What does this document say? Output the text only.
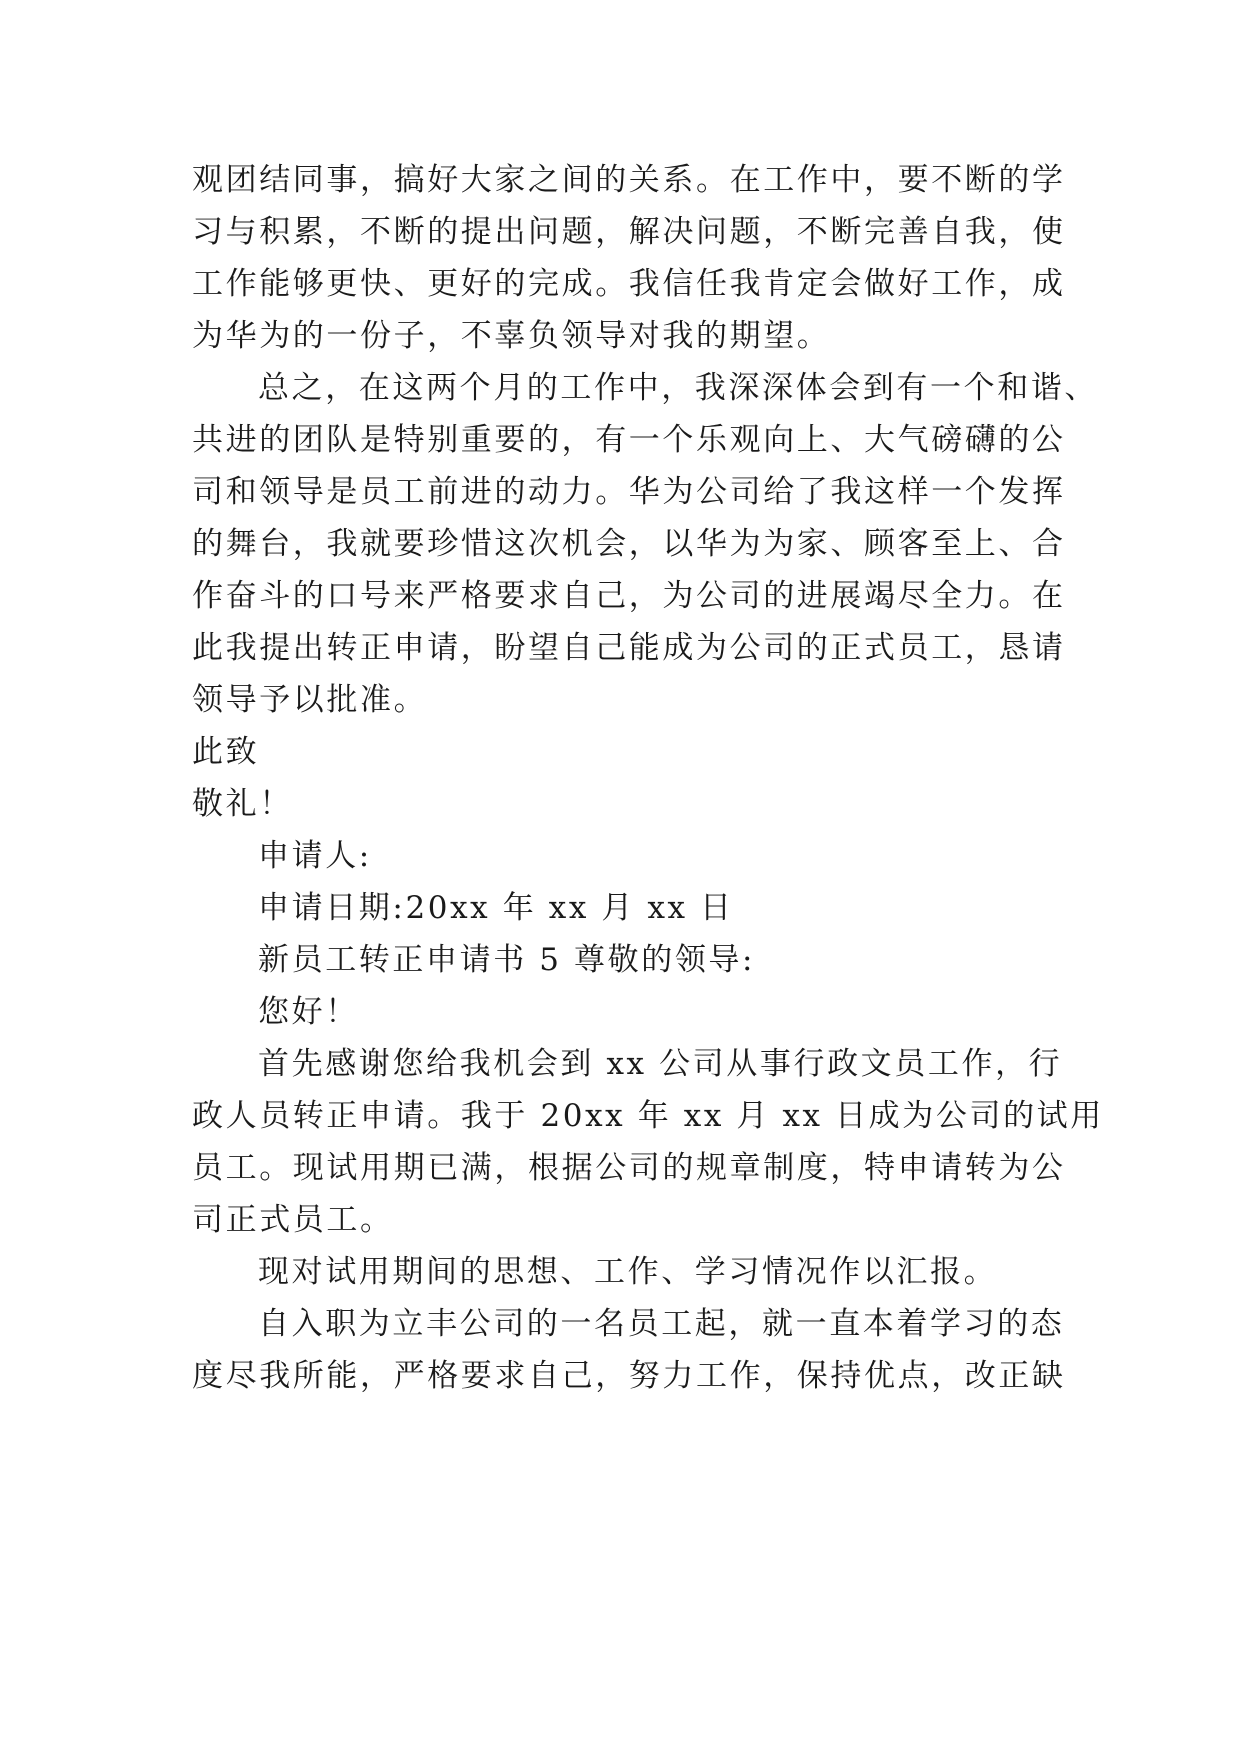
观团结同事，搞好大家之间的关系。在工作中，要不断的学
习与积累，不断的提出问题，解决问题，不断完善自我，使
工作能够更快、更好的完成。我信任我肯定会做好工作，成
为华为的一份子，不辜负领导对我的期望。
总之，在这两个月的工作中，我深深体会到有一个和谐、
共进的团队是特别重要的，有一个乐观向上、大气磅礴的公
司和领导是员工前进的动力。华为公司给了我这样一个发挥
的舞台，我就要珍惜这次机会，以华为为家、顾客至上、合
作奋斗的口号来严格要求自己，为公司的进展竭尽全力。在
此我提出转正申请，盼望自己能成为公司的正式员工，恳请
领导予以批准。
此致
敬礼！
申请人:
申请日期:20xx 年 xx 月 xx 日
新员工转正申请书 5 尊敬的领导:
您好！
首先感谢您给我机会到 xx 公司从事行政文员工作，行
政人员转正申请。我于 20xx 年 xx 月 xx 日成为公司的试用
员工。现试用期已满，根据公司的规章制度，特申请转为公
司正式员工。
现对试用期间的思想、工作、学习情况作以汇报。
自入职为立丰公司的一名员工起，就一直本着学习的态
度尽我所能，严格要求自己，努力工作，保持优点，改正缺
